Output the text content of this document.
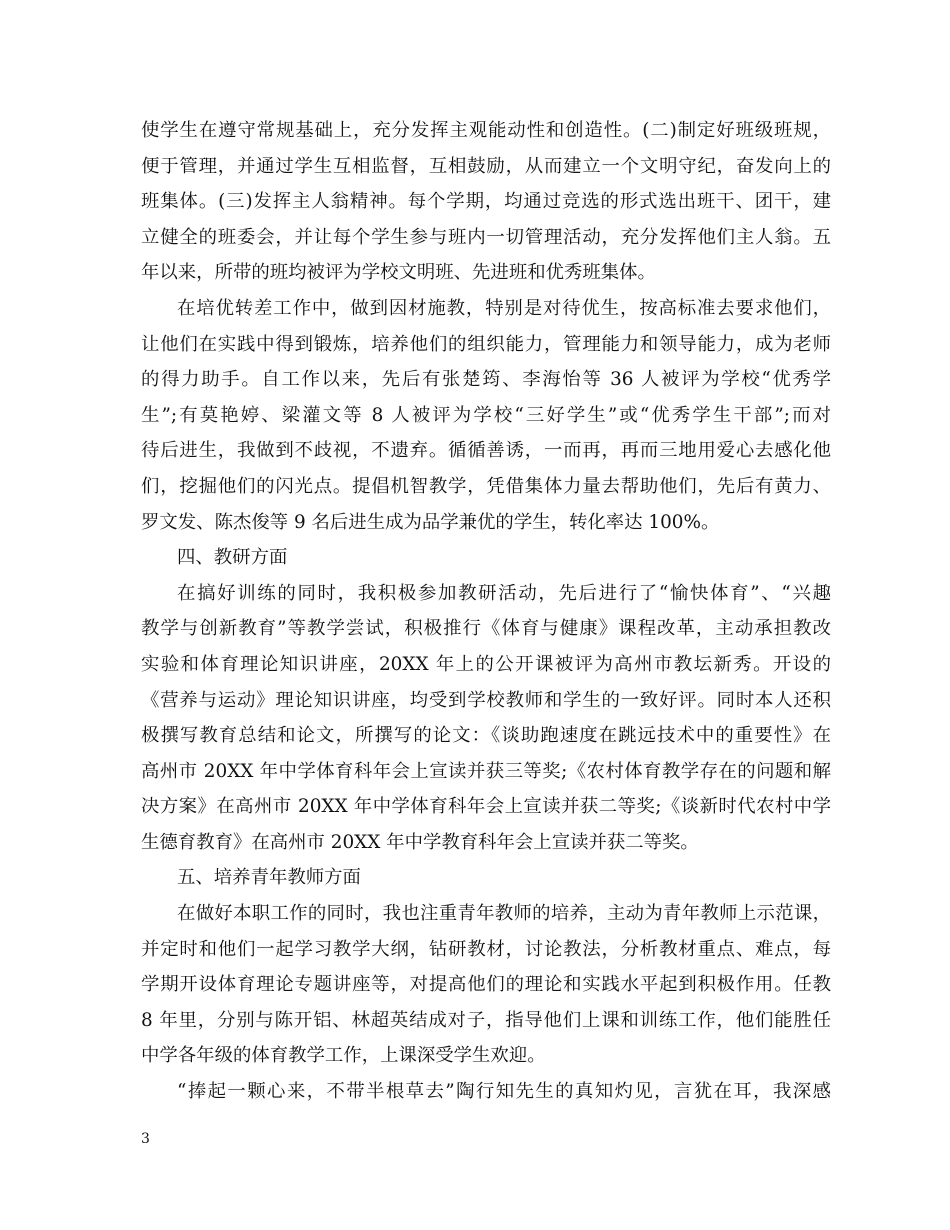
使学生在遵守常规基础上，充分发挥主观能动性和创造性。(二)制定好班级班规，
便于管理，并通过学生互相监督，互相鼓励，从而建立一个文明守纪，奋发向上的
班集体。(三)发挥主人翁精神。每个学期，均通过竞选的形式选出班干、团干，建
立健全的班委会，并让每个学生参与班内一切管理活动，充分发挥他们主人翁。五
年以来，所带的班均被评为学校文明班、先进班和优秀班集体。
在培优转差工作中，做到因材施教，特别是对待优生，按高标准去要求他们，
让他们在实践中得到锻炼，培养他们的组织能力，管理能力和领导能力，成为老师
的得力助手。自工作以来，先后有张楚筠、李海怡等 36 人被评为学校“优秀学
生”;有莫艳婷、梁灌文等 8 人被评为学校“三好学生”或“优秀学生干部”;而对
待后进生，我做到不歧视，不遗弃。循循善诱，一而再，再而三地用爱心去感化他
们，挖掘他们的闪光点。提倡机智教学，凭借集体力量去帮助他们，先后有黄力、
罗文发、陈杰俊等 9 名后进生成为品学兼优的学生，转化率达 100%。
四、教研方面
在搞好训练的同时，我积极参加教研活动，先后进行了“愉快体育”、“兴趣
教学与创新教育”等教学尝试，积极推行《体育与健康》课程改革，主动承担教改
实验和体育理论知识讲座，20XX 年上的公开课被评为高州市教坛新秀。开设的
《营养与运动》理论知识讲座，均受到学校教师和学生的一致好评。同时本人还积
极撰写教育总结和论文，所撰写的论文：《谈助跑速度在跳远技术中的重要性》在
高州市 20XX 年中学体育科年会上宣读并获三等奖;《农村体育教学存在的问题和解
决方案》在高州市 20XX 年中学体育科年会上宣读并获二等奖;《谈新时代农村中学
生德育教育》在高州市 20XX 年中学教育科年会上宣读并获二等奖。
五、培养青年教师方面
在做好本职工作的同时，我也注重青年教师的培养，主动为青年教师上示范课，
并定时和他们一起学习教学大纲，钻研教材，讨论教法，分析教材重点、难点，每
学期开设体育理论专题讲座等，对提高他们的理论和实践水平起到积极作用。任教
8 年里，分别与陈开铝、林超英结成对子，指导他们上课和训练工作，他们能胜任
中学各年级的体育教学工作，上课深受学生欢迎。
“捧起一颗心来，不带半根草去”陶行知先生的真知灼见，言犹在耳，我深感
3
